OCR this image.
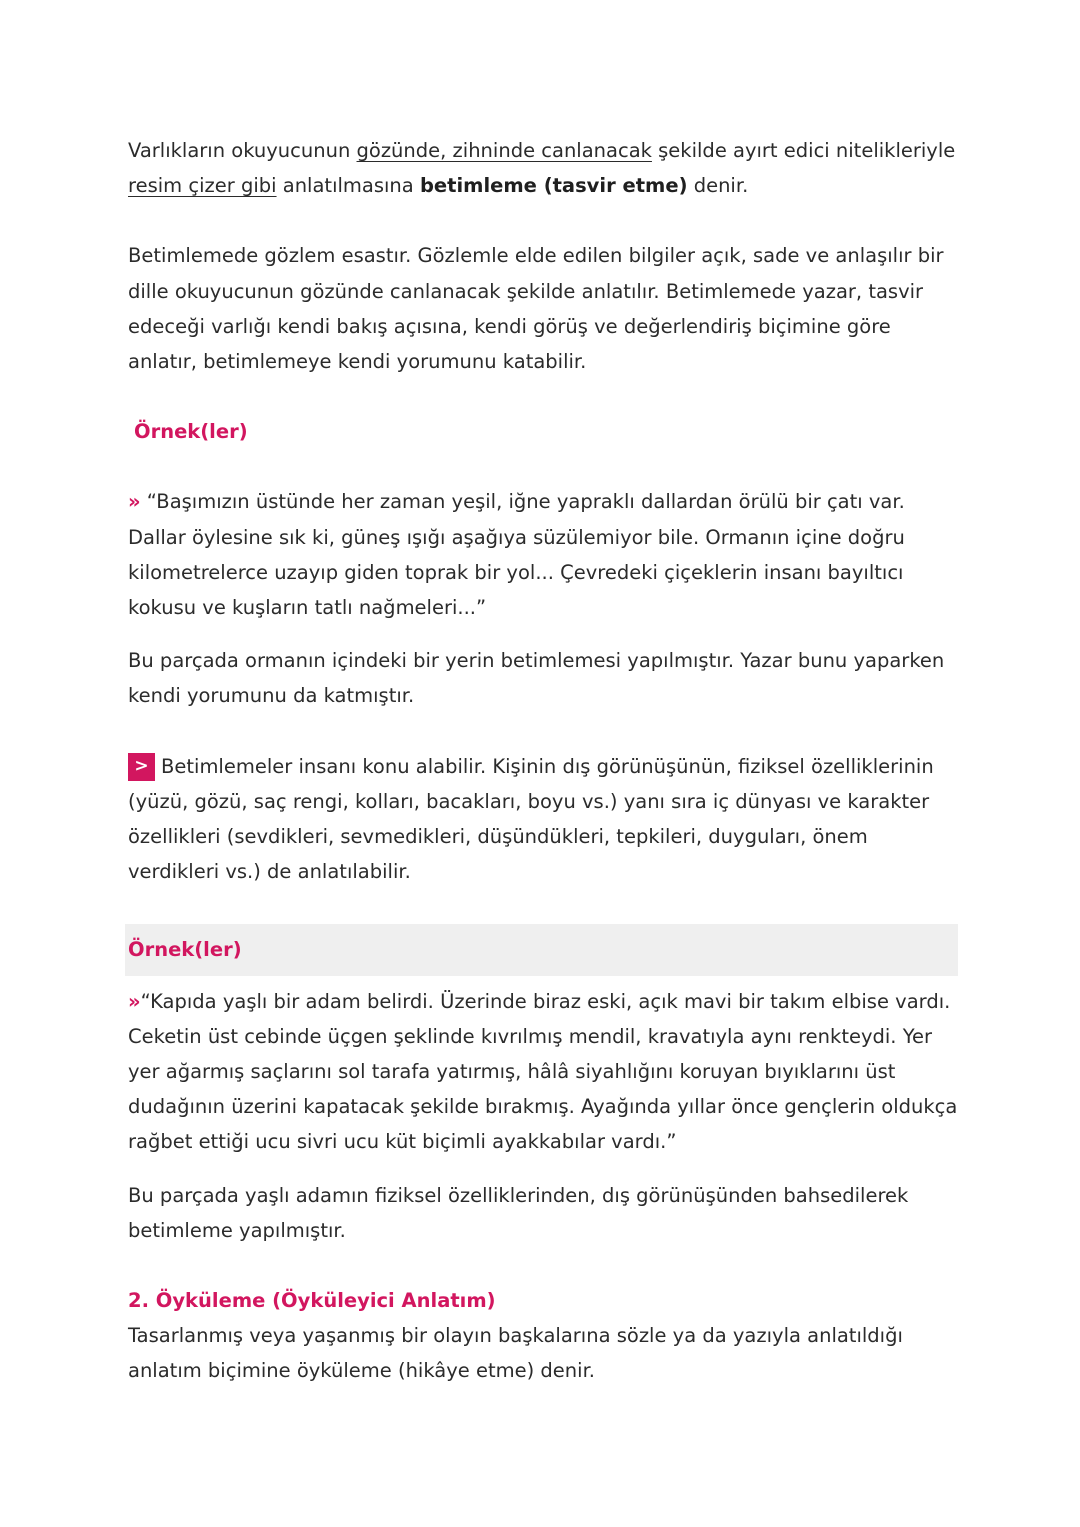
Varlıkların okuyucunun gözünde, zihninde canlanacak şekilde ayırt edici nitelikleriyle resim çizer gibi anlatılmasına betimleme (tasvir etme) denir.

Betimlemede gözlem esastır. Gözlemle elde edilen bilgiler açık, sade ve anlaşılır bir dille okuyucunun gözünde canlanacak şekilde anlatılır. Betimlemede yazar, tasvir edeceği varlığı kendi bakış açısına, kendi görüş ve değerlendiriş biçimine göre anlatır, betimlemeye kendi yorumunu katabilir.

Örnek(ler)

» “Başımızın üstünde her zaman yeşil, iğne yapraklı dallardan örülü bir çatı var. Dallar öylesine sık ki, güneş ışığı aşağıya süzülemiyor bile. Ormanın içine doğru kilometrelerce uzayıp giden toprak bir yol... Çevredeki çiçeklerin insanı bayıltıcı kokusu ve kuşların tatlı nağmeleri...”

Bu parçada ormanın içindeki bir yerin betimlemesi yapılmıştır. Yazar bunu yaparken kendi yorumunu da katmıştır.

> Betimlemeler insanı konu alabilir. Kişinin dış görünüşünün, fiziksel özelliklerinin (yüzü, gözü, saç rengi, kolları, bacakları, boyu vs.) yanı sıra iç dünyası ve karakter özellikleri (sevdikleri, sevmedikleri, düşündükleri, tepkileri, duyguları, önem verdikleri vs.) de anlatılabilir.

Örnek(ler)

»“Kapıda yaşlı bir adam belirdi. Üzerinde biraz eski, açık mavi bir takım elbise vardı. Ceketin üst cebinde üçgen şeklinde kıvrılmış mendil, kravatıyla aynı renkteydi. Yer yer ağarmış saçlarını sol tarafa yatırmış, hâlâ siyahlığını koruyan bıyıklarını üst dudağının üzerini kapatacak şekilde bırakmış. Ayağında yıllar önce gençlerin oldukça rağbet ettiği ucu sivri ucu küt biçimli ayakkabılar vardı.”

Bu parçada yaşlı adamın fiziksel özelliklerinden, dış görünüşünden bahsedilerek betimleme yapılmıştır.

2. Öyküleme (Öyküleyici Anlatım)

Tasarlanmış veya yaşanmış bir olayın başkalarına sözle ya da yazıyla anlatıldığı anlatım biçimine öyküleme (hikâye etme) denir.
